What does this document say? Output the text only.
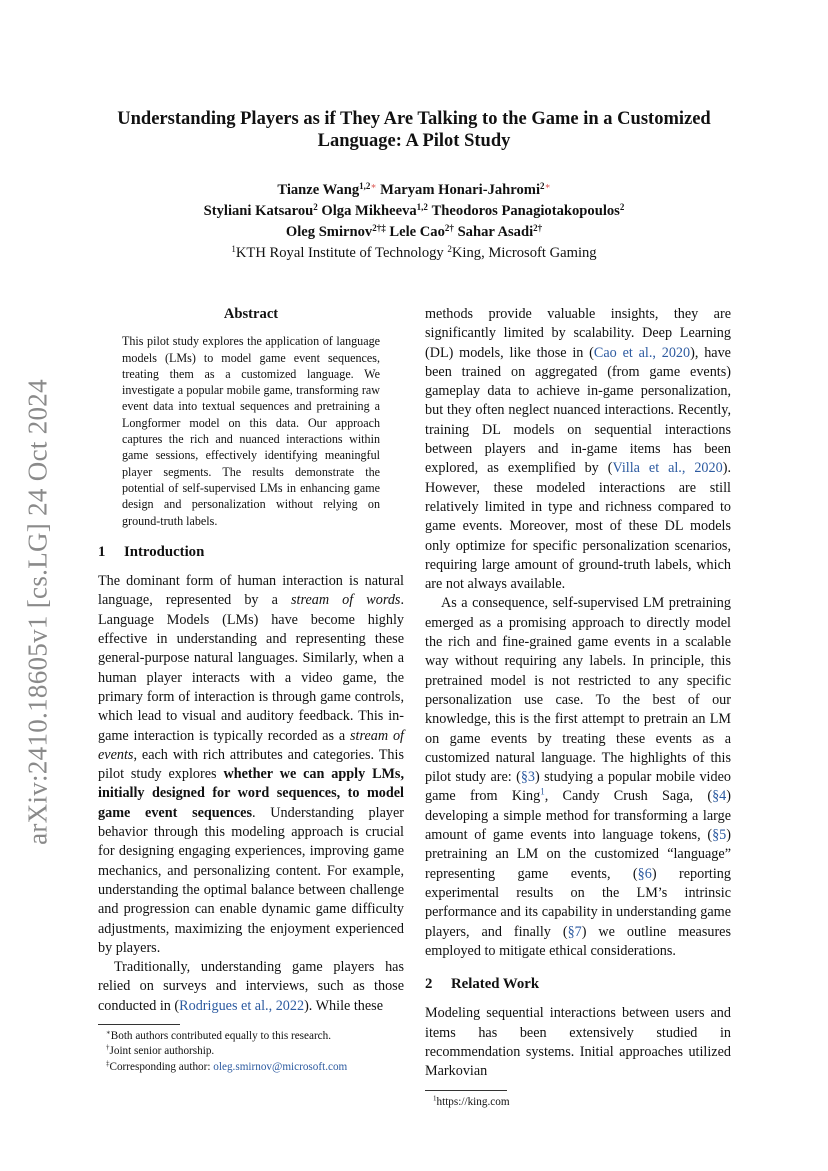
arXiv:2410.18605v1 [cs.LG] 24 Oct 2024
Understanding Players as if They Are Talking to the Game in a Customized
Language: A Pilot Study
Tianze Wang$^{1,2∗}$ Maryam Honari-Jahromi$^{2∗}$
Styliani Katsarou$^2$ Olga Mikheeva$^{1,2}$ Theodoros Panagiotakopoulos$^2$
Oleg Smirnov$^{2\dagger\ddagger}$ Lele Cao$^{2\dagger}$ Sahar Asadi$^{2\dagger}$
$^1$KTH Royal Institute of Technology $^2$King, Microsoft Gaming
Abstract

This pilot study explores the application of language models (LMs) to model game event sequences, treating them as a customized language. We investigate a popular mobile game, transforming raw event data into textual sequences and pretraining a Longformer model on this data. Our approach captures the rich and nuanced interactions within game sessions, effectively identifying meaningful player segments. The results demonstrate the potential of self-supervised LMs in enhancing game design and personalization without relying on ground-truth labels.

1 Introduction

The dominant form of human interaction is natural language, represented by a stream of words. Language Models (LMs) have become highly effective in understanding and representing these general-purpose natural languages. Similarly, when a human player interacts with a video game, the primary form of interaction is through game controls, which lead to visual and auditory feedback. This in-game interaction is typically recorded as a stream of events, each with rich attributes and categories. This pilot study explores whether we can apply LMs, initially designed for word sequences, to model game event sequences. Understanding player behavior through this modeling approach is crucial for designing engaging experiences, improving game mechanics, and personalizing content. For example, understanding the optimal balance between challenge and progression can enable dynamic game difficulty adjustments, maximizing the enjoyment experienced by players.

Traditionally, understanding game players has relied on surveys and interviews, such as those conducted in (Rodrigues et al., 2022). While these

∗Both authors contributed equally to this research.
†Joint senior authorship.
‡Corresponding author: oleg.smirnov@microsoft.com

methods provide valuable insights, they are significantly limited by scalability. Deep Learning (DL) models, like those in (Cao et al., 2020), have been trained on aggregated (from game events) gameplay data to achieve in-game personalization, but they often neglect nuanced interactions. Recently, training DL models on sequential interactions between players and in-game items has been explored, as exemplified by (Villa et al., 2020). However, these modeled interactions are still relatively limited in type and richness compared to game events. Moreover, most of these DL models only optimize for specific personalization scenarios, requiring large amount of ground-truth labels, which are not always available.

As a consequence, self-supervised LM pretraining emerged as a promising approach to directly model the rich and fine-grained game events in a scalable way without requiring any labels. In principle, this pretrained model is not restricted to any specific personalization use case. To the best of our knowledge, this is the first attempt to pretrain an LM on game events by treating these events as a customized natural language. The highlights of this pilot study are: (§3) studying a popular mobile video game from King$^1$, Candy Crush Saga, (§4) developing a simple method for transforming a large amount of game events into language tokens, (§5) pretraining an LM on the customized “language” representing game events, (§6) reporting experimental results on the LM’s intrinsic performance and its capability in understanding game players, and finally (§7) we outline measures employed to mitigate ethical considerations.

2 Related Work

Modeling sequential interactions between users and items has been extensively studied in recommendation systems. Initial approaches utilized Markovian

$^1$https://king.com
